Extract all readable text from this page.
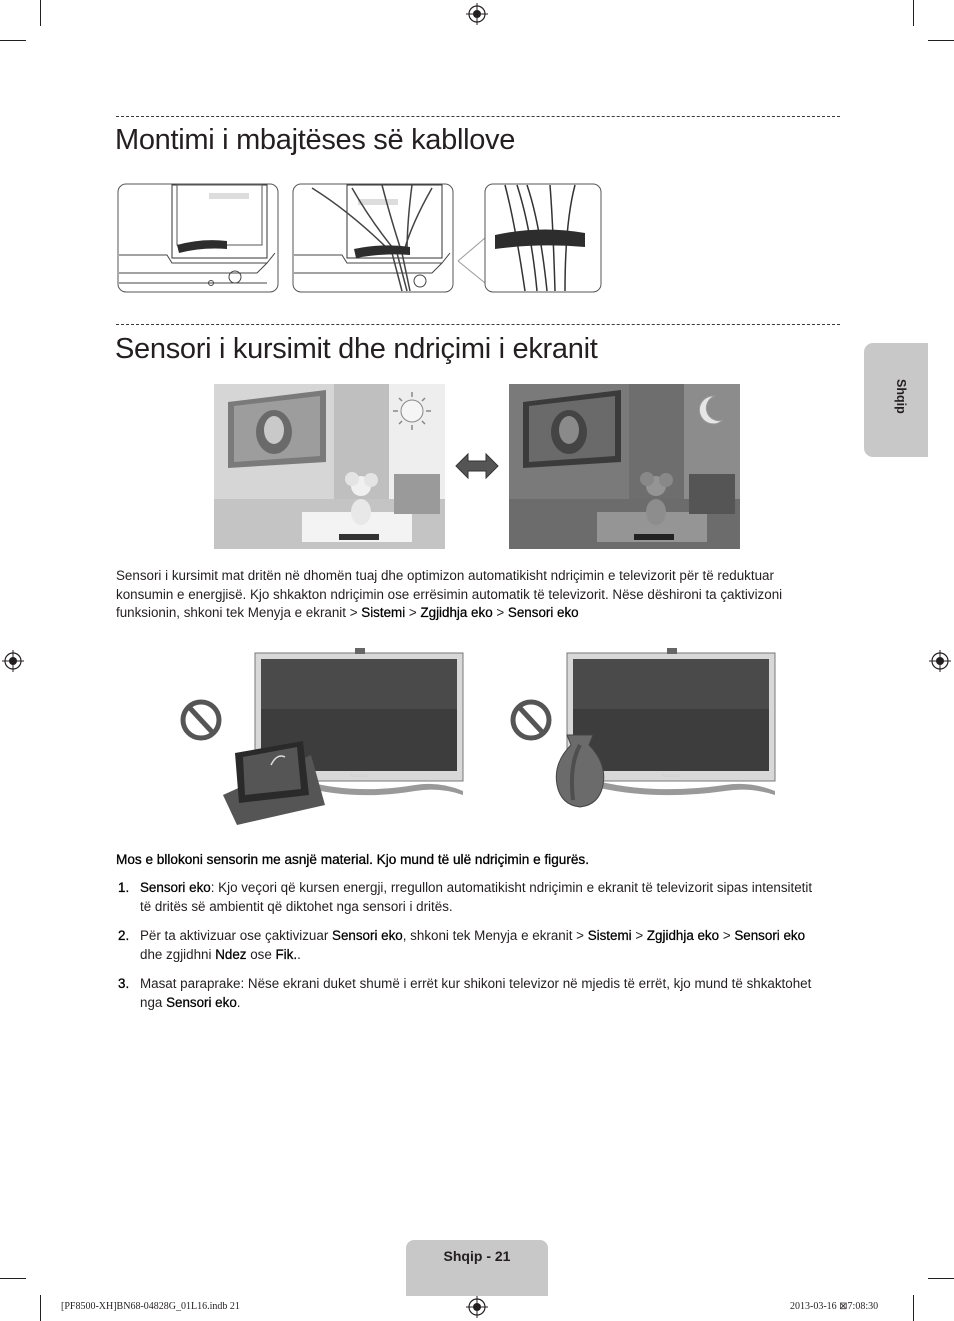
Montimi i mbajtëses së kabllove
Sensori i kursimit dhe ndriçimi i ekranit
Sensori i kursimit mat dritën në dhomën tuaj dhe optimizon automatikisht ndriçimin e televizorit për të reduktuar
konsumin e energjisë. Kjo shkakton ndriçimin ose errësimin automatik të televizorit. Nëse dëshironi ta çaktivizoni
funksionin, shkoni tek Menyja e ekranit > Sistemi > Zgjidhja eko > Sensori eko
SAMSUNG	SAMSUNG
Mos e bllokoni sensorin me asnjë material. Kjo mund të ulë ndriçimin e figurës.
1. Sensori eko: Kjo veçori që kursen energji, rregullon automatikisht ndriçimin e ekranit të televizorit sipas intensitetit
të dritës së ambientit që diktohet nga sensori i dritës.
2. Për ta aktivizuar ose çaktivizuar Sensori eko, shkoni tek Menyja e ekranit > Sistemi > Zgjidhja eko > Sensori eko
dhe zgjidhni Ndez ose Fik..
3. Masat paraprake: Nëse ekrani duket shumë i errët kur shikoni televizor në mjedis të errët, kjo mund të shkaktohet
nga Sensori eko.
Shqip
Shqip - 21
[PF8500-XH]BN68-04828G_01L16.indb 21	2013-03-16 ⊠7:08:30
